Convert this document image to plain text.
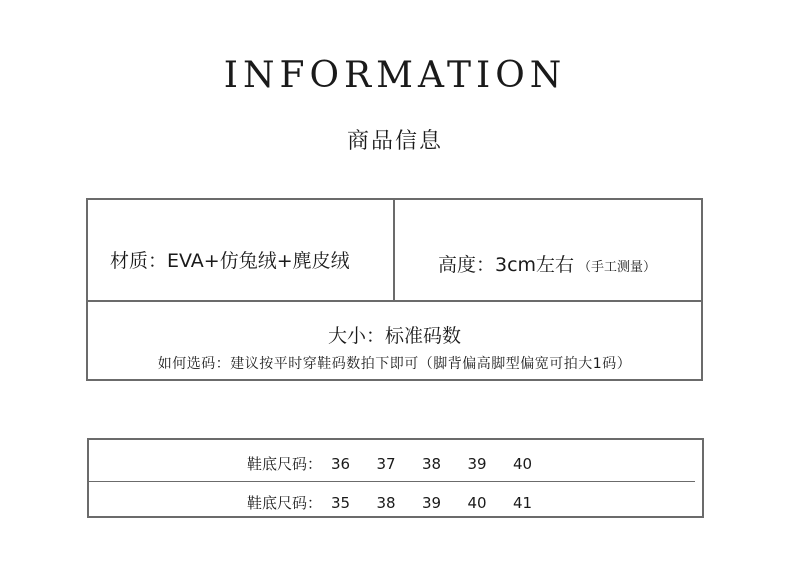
INFORMATION
商品信息
材质：EVA+仿兔绒+麂皮绒	高度：3cm左右 （手工测量）
大小：标准码数
如何选码：建议按平时穿鞋码数拍下即可（脚背偏高脚型偏宽可拍大1码）
鞋底尺码： 36 37 38 39 40
鞋底尺码： 35 38 39 40 41
